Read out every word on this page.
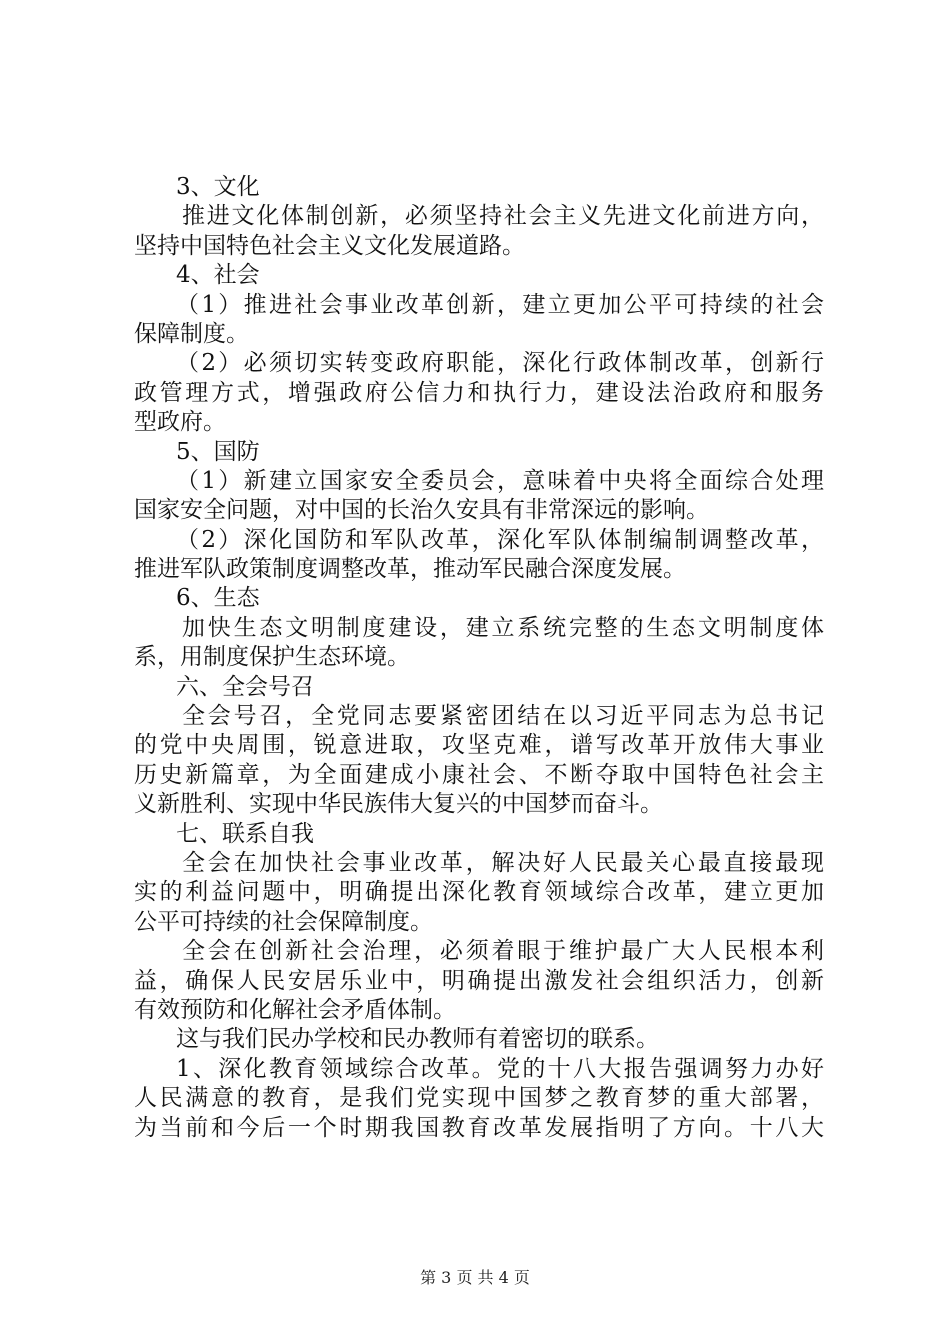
3、文化
推进文化体制创新，必须坚持社会主义先进文化前进方向，
坚持中国特色社会主义文化发展道路。
4、社会
（1）推进社会事业改革创新，建立更加公平可持续的社会
保障制度。
（2）必须切实转变政府职能，深化行政体制改革，创新行
政管理方式，增强政府公信力和执行力，建设法治政府和服务
型政府。
5、国防
（1）新建立国家安全委员会，意味着中央将全面综合处理
国家安全问题，对中国的长治久安具有非常深远的影响。
（2）深化国防和军队改革，深化军队体制编制调整改革，
推进军队政策制度调整改革，推动军民融合深度发展。
6、生态
加快生态文明制度建设，建立系统完整的生态文明制度体
系，用制度保护生态环境。
六、全会号召
全会号召，全党同志要紧密团结在以习近平同志为总书记
的党中央周围，锐意进取，攻坚克难，谱写改革开放伟大事业
历史新篇章，为全面建成小康社会、不断夺取中国特色社会主
义新胜利、实现中华民族伟大复兴的中国梦而奋斗。
七、联系自我
全会在加快社会事业改革，解决好人民最关心最直接最现
实的利益问题中，明确提出深化教育领域综合改革，建立更加
公平可持续的社会保障制度。
全会在创新社会治理，必须着眼于维护最广大人民根本利
益，确保人民安居乐业中，明确提出激发社会组织活力，创新
有效预防和化解社会矛盾体制。
这与我们民办学校和民办教师有着密切的联系。
1、深化教育领域综合改革。党的十八大报告强调努力办好
人民满意的教育，是我们党实现中国梦之教育梦的重大部署，
为当前和今后一个时期我国教育改革发展指明了方向。十八大
第 3 页 共 4 页
